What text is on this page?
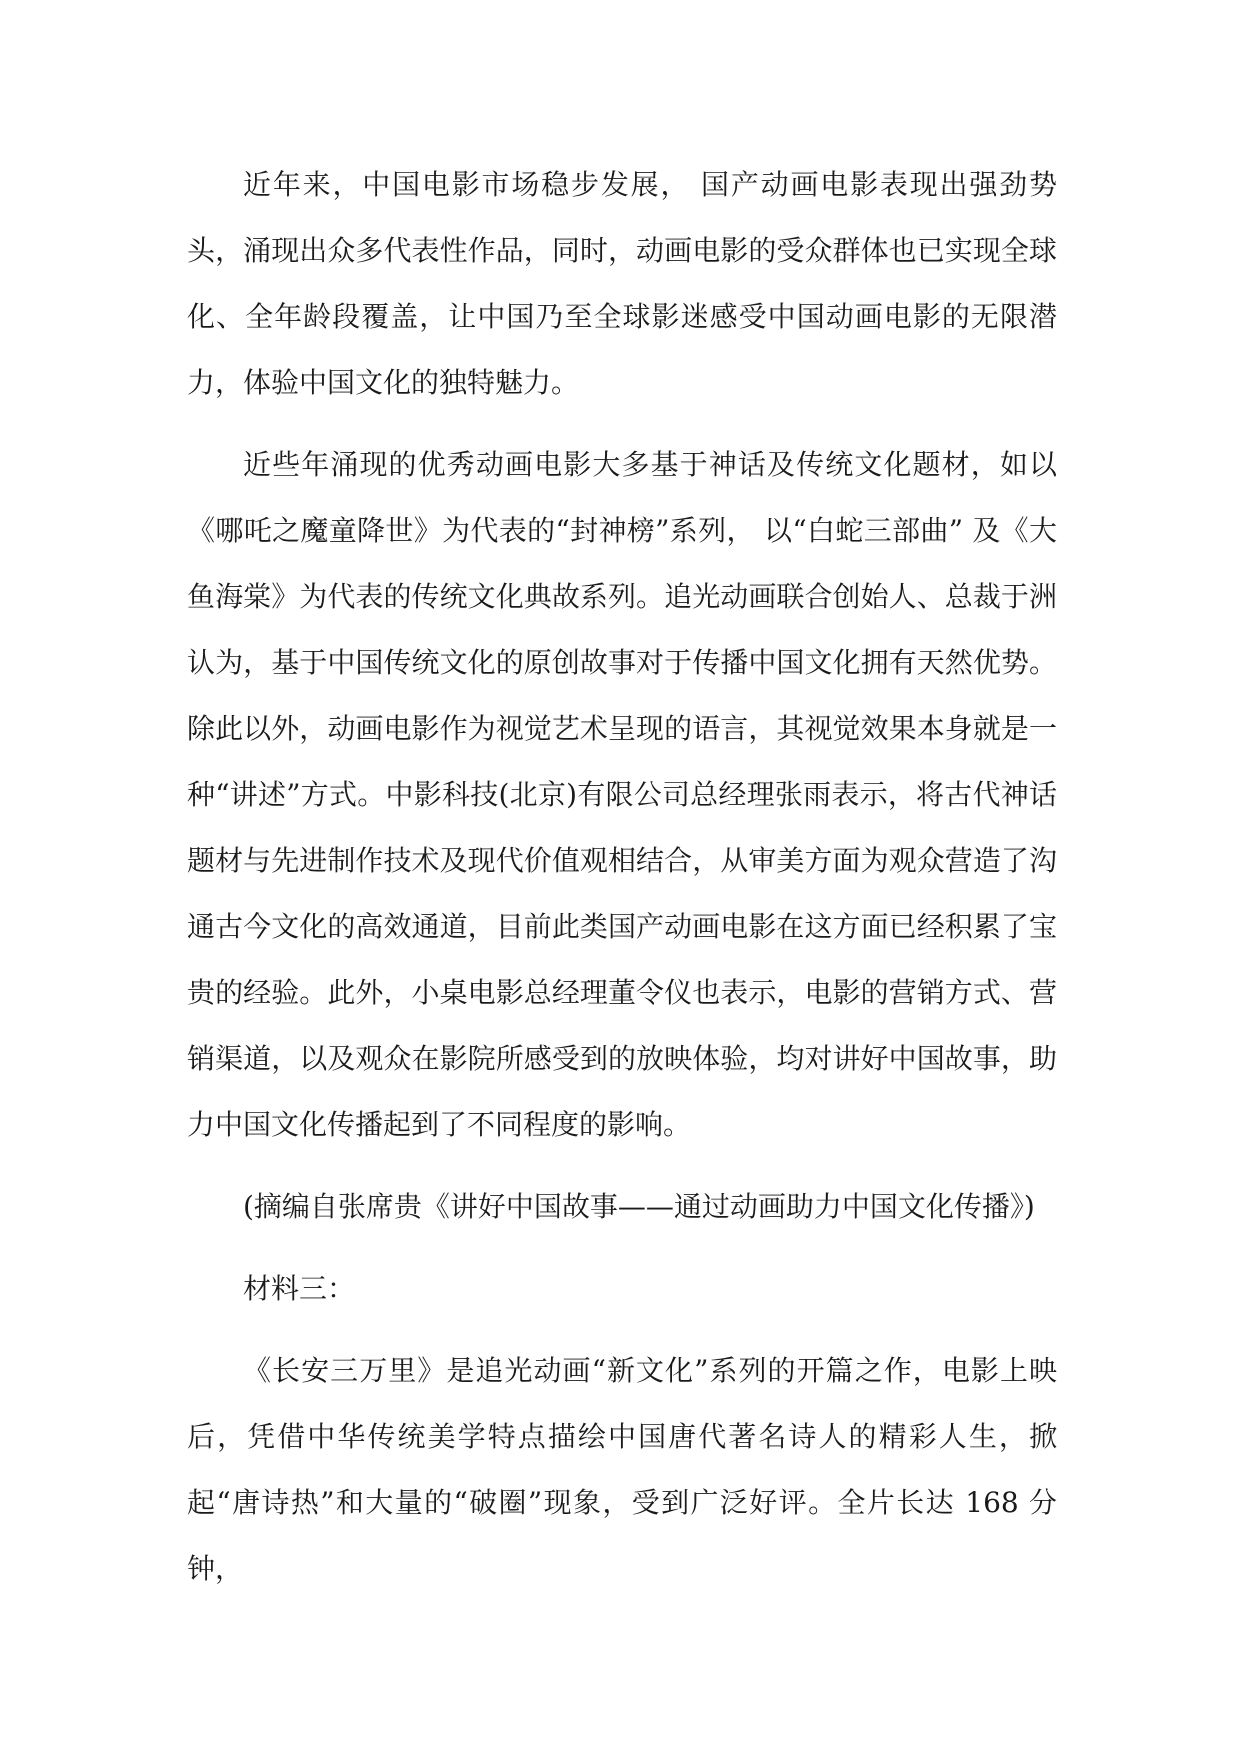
近年来，中国电影市场稳步发展， 国产动画电影表现出强劲势头，涌现出众多代表性作品，同时，动画电影的受众群体也已实现全球化、全年龄段覆盖，让中国乃至全球影迷感受中国动画电影的无限潜力，体验中国文化的独特魅力。

近些年涌现的优秀动画电影大多基于神话及传统文化题材，如以《哪吒之魔童降世》为代表的“封神榜”系列， 以“白蛇三部曲” 及《大鱼海棠》为代表的传统文化典故系列。追光动画联合创始人、总裁于洲认为，基于中国传统文化的原创故事对于传播中国文化拥有天然优势。除此以外，动画电影作为视觉艺术呈现的语言，其视觉效果本身就是一种“讲述”方式。中影科技(北京)有限公司总经理张雨表示，将古代神话题材与先进制作技术及现代价值观相结合，从审美方面为观众营造了沟通古今文化的高效通道，目前此类国产动画电影在这方面已经积累了宝贵的经验。此外，小桌电影总经理董令仪也表示，电影的营销方式、营销渠道，以及观众在影院所感受到的放映体验，均对讲好中国故事，助力中国文化传播起到了不同程度的影响。

(摘编自张席贵《讲好中国故事——通过动画助力中国文化传播》)

材料三：

《长安三万里》是追光动画“新文化”系列的开篇之作，电影上映后，凭借中华传统美学特点描绘中国唐代著名诗人的精彩人生，掀起“唐诗热”和大量的“破圈”现象，受到广泛好评。全片长达 168 分钟，
